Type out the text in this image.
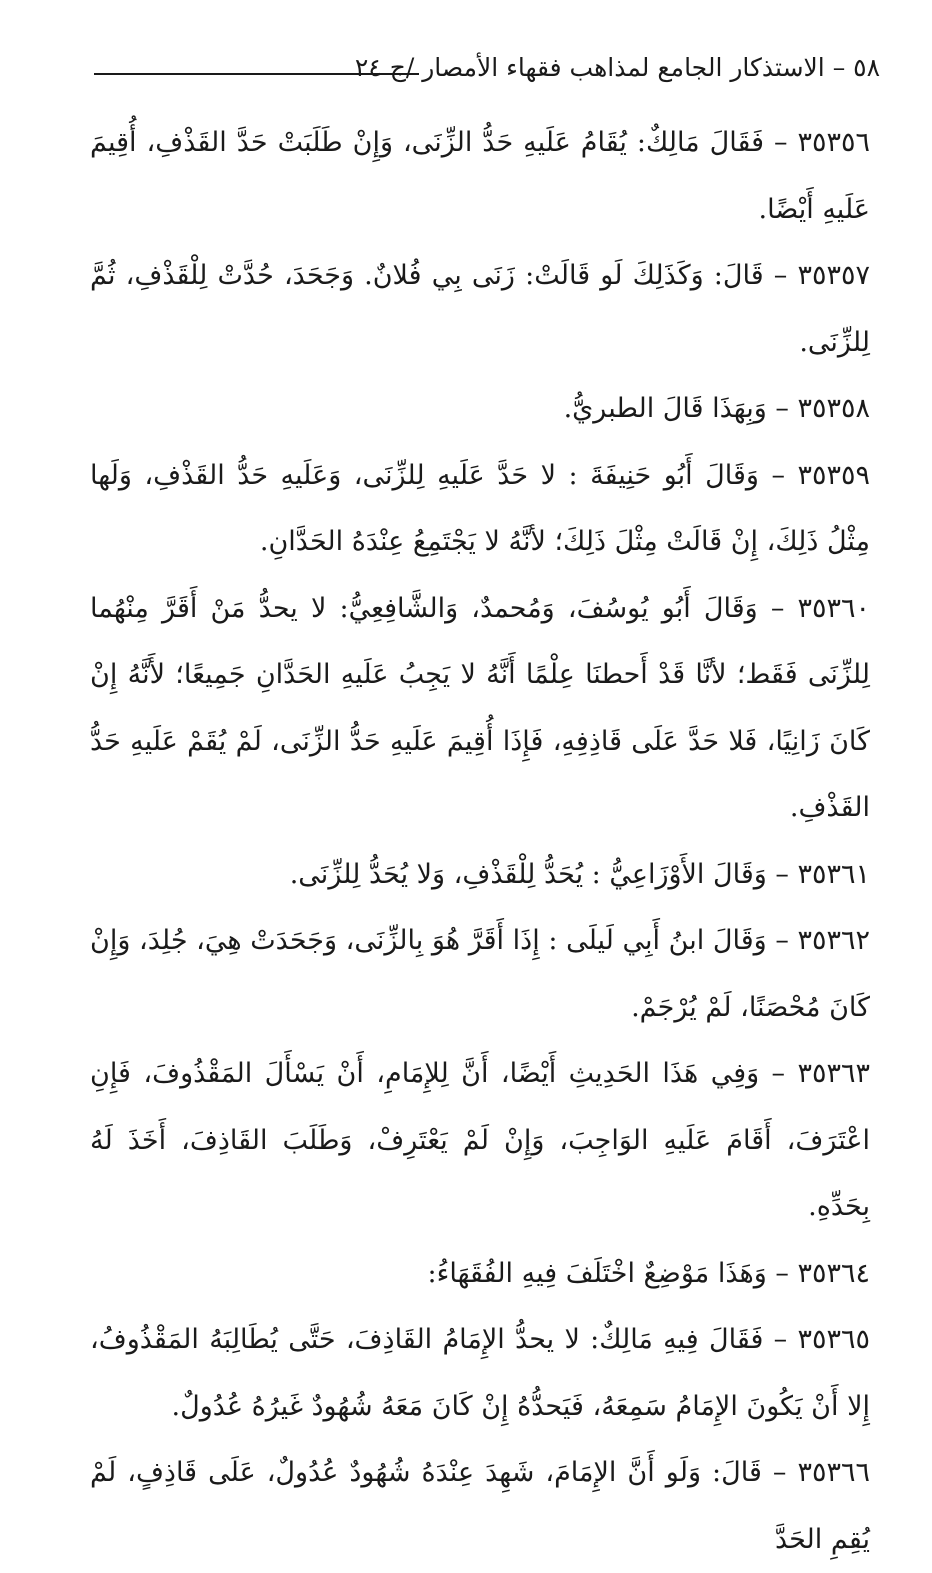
٥٨ – الاستذكار الجامع لمذاهب فقهاء الأمصار /ج ٢٤

٣٥٣٥٦ – فَقَالَ مَالِكٌ: يُقَامُ عَلَيهِ حَدُّ الزِّنَى، وَإِنْ طَلَبَتْ حَدَّ القَذْفِ، أُقِيمَ عَلَيهِ أَيْضًا.

٣٥٣٥٧ – قَالَ: وَكَذَلِكَ لَو قَالَتْ: زَنَى بِي فُلانٌ. وَجَحَدَ، حُدَّتْ لِلْقَذْفِ، ثُمَّ لِلزِّنَى.

٣٥٣٥٨ – وَبِهَذَا قَالَ الطبريُّ.

٣٥٣٥٩ – وَقَالَ أَبُو حَنِيفَةَ : لا حَدَّ عَلَيهِ لِلزِّنَى، وَعَلَيهِ حَدُّ القَذْفِ، وَلَها مِثْلُ ذَلِكَ، إِنْ قَالَتْ مِثْلَ ذَلِكَ؛ لأنَّهُ لا يَجْتَمِعُ عِنْدَهُ الحَدَّانِ.

٣٥٣٦٠ – وَقَالَ أَبُو يُوسُفَ، وَمُحمدٌ، وَالشَّافِعِيُّ: لا يحدُّ مَنْ أَقَرَّ مِنْهُما لِلزِّنَى فَقَط؛ لأنَّا قَدْ أَحطنَا عِلْمًا أَنَّهُ لا يَجِبُ عَلَيهِ الحَدَّانِ جَمِيعًا؛ لأَنَّهُ إِنْ كَانَ زَانِيًا، فَلا حَدَّ عَلَى قَاذِفِهِ، فَإِذَا أُقِيمَ عَلَيهِ حَدُّ الزِّنَى، لَمْ يُقَمْ عَلَيهِ حَدُّ القَذْفِ.

٣٥٣٦١ – وَقَالَ الأَوْزَاعِيُّ : يُحَدُّ لِلْقَذْفِ، وَلا يُحَدُّ لِلزِّنَى.

٣٥٣٦٢ – وَقَالَ ابنُ أَبِي لَيلَى : إِذَا أَقَرَّ هُوَ بِالزِّنَى، وَجَحَدَتْ هِيَ، جُلِدَ، وَإِنْ كَانَ مُحْصَنًا، لَمْ يُرْجَمْ.

٣٥٣٦٣ – وَفِي هَذَا الحَدِيثِ أَيْضًا، أَنَّ لِلإِمَامِ، أَنْ يَسْأَلَ المَقْذُوفَ، فَإِنِ اعْتَرَفَ، أَقَامَ عَلَيهِ الوَاجِبَ، وَإِنْ لَمْ يَعْتَرِفْ، وَطَلَبَ القَاذِفَ، أَخَذَ لَهُ بِحَدِّهِ.

٣٥٣٦٤ – وَهَذَا مَوْضِعٌ اخْتَلَفَ فِيهِ الفُقَهَاءُ:

٣٥٣٦٥ – فَقَالَ فِيهِ مَالِكٌ: لا يحدُّ الإِمَامُ القَاذِفَ، حَتَّى يُطَالِبَهُ المَقْذُوفُ، إِلا أَنْ يَكُونَ الإِمَامُ سَمِعَهُ، فَيَحدُّهُ إِنْ كَانَ مَعَهُ شُهُودٌ غَيرُهُ عُدُولٌ.

٣٥٣٦٦ – قَالَ: وَلَو أَنَّ الإِمَامَ، شَهِدَ عِنْدَهُ شُهُودٌ عُدُولٌ، عَلَى قَاذِفٍ، لَمْ يُقِمِ الحَدَّ
